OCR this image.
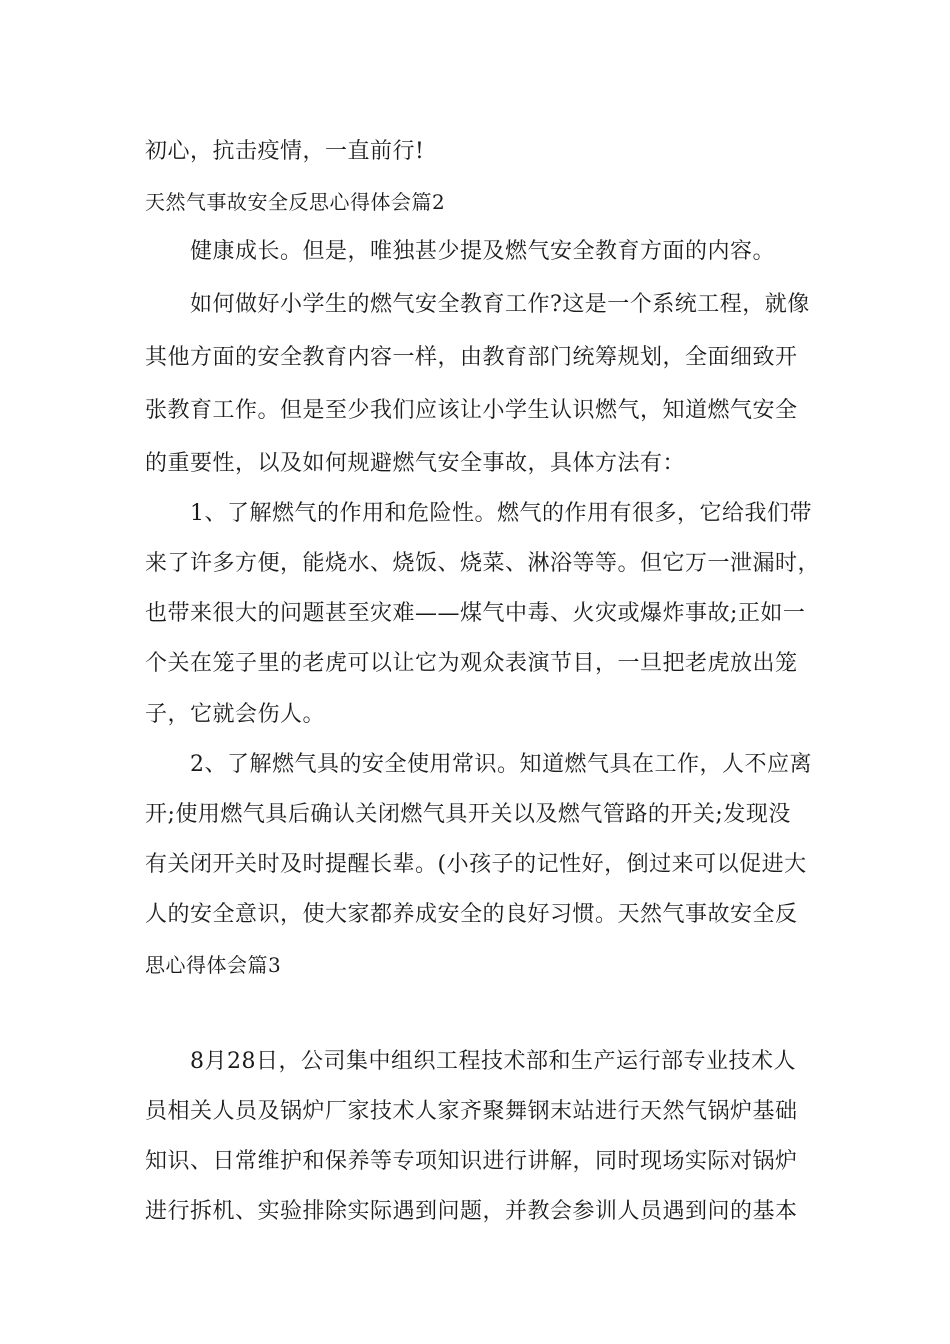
初心，抗击疫情，一直前行!
天然气事故安全反思心得体会篇2
健康成长。但是，唯独甚少提及燃气安全教育方面的内容。
如何做好小学生的燃气安全教育工作?这是一个系统工程，就像
其他方面的安全教育内容一样，由教育部门统筹规划，全面细致开
张教育工作。但是至少我们应该让小学生认识燃气，知道燃气安全
的重要性，以及如何规避燃气安全事故，具体方法有：
1、了解燃气的作用和危险性。燃气的作用有很多，它给我们带
来了许多方便，能烧水、烧饭、烧菜、淋浴等等。但它万一泄漏时，
也带来很大的问题甚至灾难——煤气中毒、火灾或爆炸事故;正如一
个关在笼子里的老虎可以让它为观众表演节目，一旦把老虎放出笼
子，它就会伤人。
2、了解燃气具的安全使用常识。知道燃气具在工作，人不应离
开;使用燃气具后确认关闭燃气具开关以及燃气管路的开关;发现没
有关闭开关时及时提醒长辈。(小孩子的记性好，倒过来可以促进大
人的安全意识，使大家都养成安全的良好习惯。天然气事故安全反
思心得体会篇3
8月28日，公司集中组织工程技术部和生产运行部专业技术人
员相关人员及锅炉厂家技术人家齐聚舞钢末站进行天然气锅炉基础
知识、日常维护和保养等专项知识进行讲解，同时现场实际对锅炉
进行拆机、实验排除实际遇到问题，并教会参训人员遇到问的基本
